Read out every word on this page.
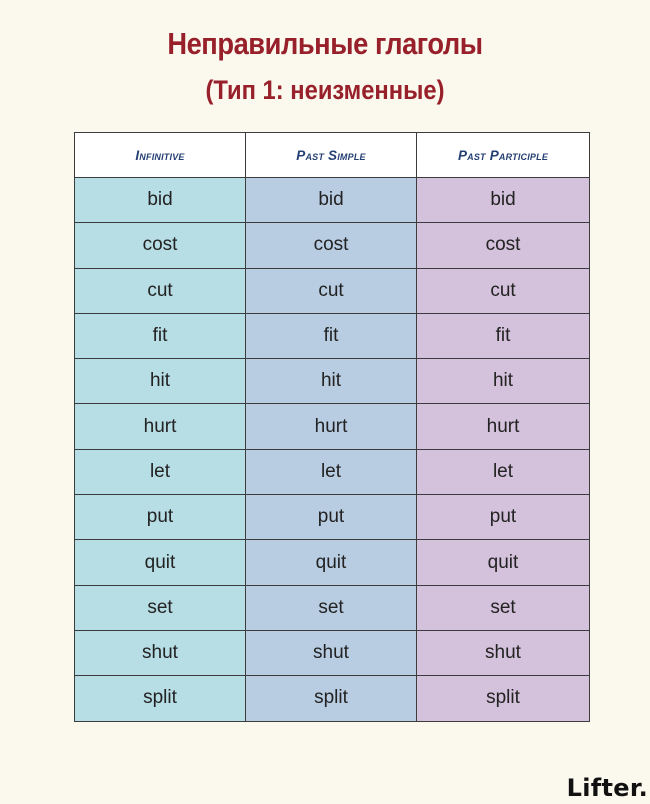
Неправильные глаголы
(Тип 1: неизменные)
Infinitive	Past Simple	Past Participle
bid	bid	bid
cost	cost	cost
cut	cut	cut
fit	fit	fit
hit	hit	hit
hurt	hurt	hurt
let	let	let
put	put	put
quit	quit	quit
set	set	set
shut	shut	shut
split	split	split
Lifter.
